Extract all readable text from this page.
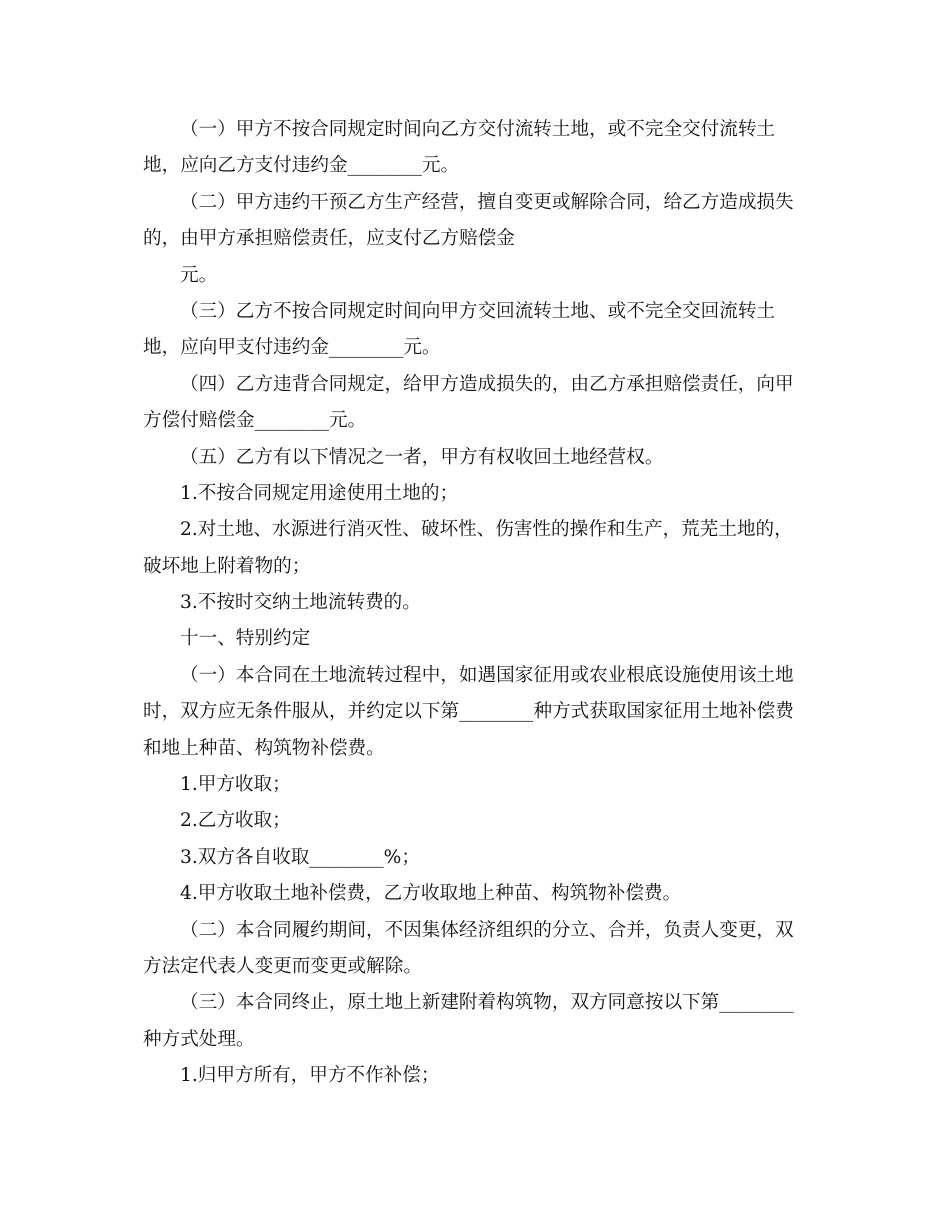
（一）甲方不按合同规定时间向乙方交付流转土地，或不完全交付流转土
地，应向乙方支付违约金________元。
（二）甲方违约干预乙方生产经营，擅自变更或解除合同，给乙方造成损失
的，由甲方承担赔偿责任，应支付乙方赔偿金
元。
（三）乙方不按合同规定时间向甲方交回流转土地、或不完全交回流转土
地，应向甲支付违约金________元。
（四）乙方违背合同规定，给甲方造成损失的，由乙方承担赔偿责任，向甲
方偿付赔偿金________元。
（五）乙方有以下情况之一者，甲方有权收回土地经营权。
1.不按合同规定用途使用土地的；
2.对土地、水源进行消灭性、破坏性、伤害性的操作和生产，荒芜土地的，
破坏地上附着物的；
3.不按时交纳土地流转费的。
十一、特别约定
（一）本合同在土地流转过程中，如遇国家征用或农业根底设施使用该土地
时，双方应无条件服从，并约定以下第________种方式获取国家征用土地补偿费
和地上种苗、构筑物补偿费。
1.甲方收取；
2.乙方收取；
3.双方各自收取________%；
4.甲方收取土地补偿费，乙方收取地上种苗、构筑物补偿费。
（二）本合同履约期间，不因集体经济组织的分立、合并，负责人变更，双
方法定代表人变更而变更或解除。
（三）本合同终止，原土地上新建附着构筑物，双方同意按以下第________
种方式处理。
1.归甲方所有，甲方不作补偿；
